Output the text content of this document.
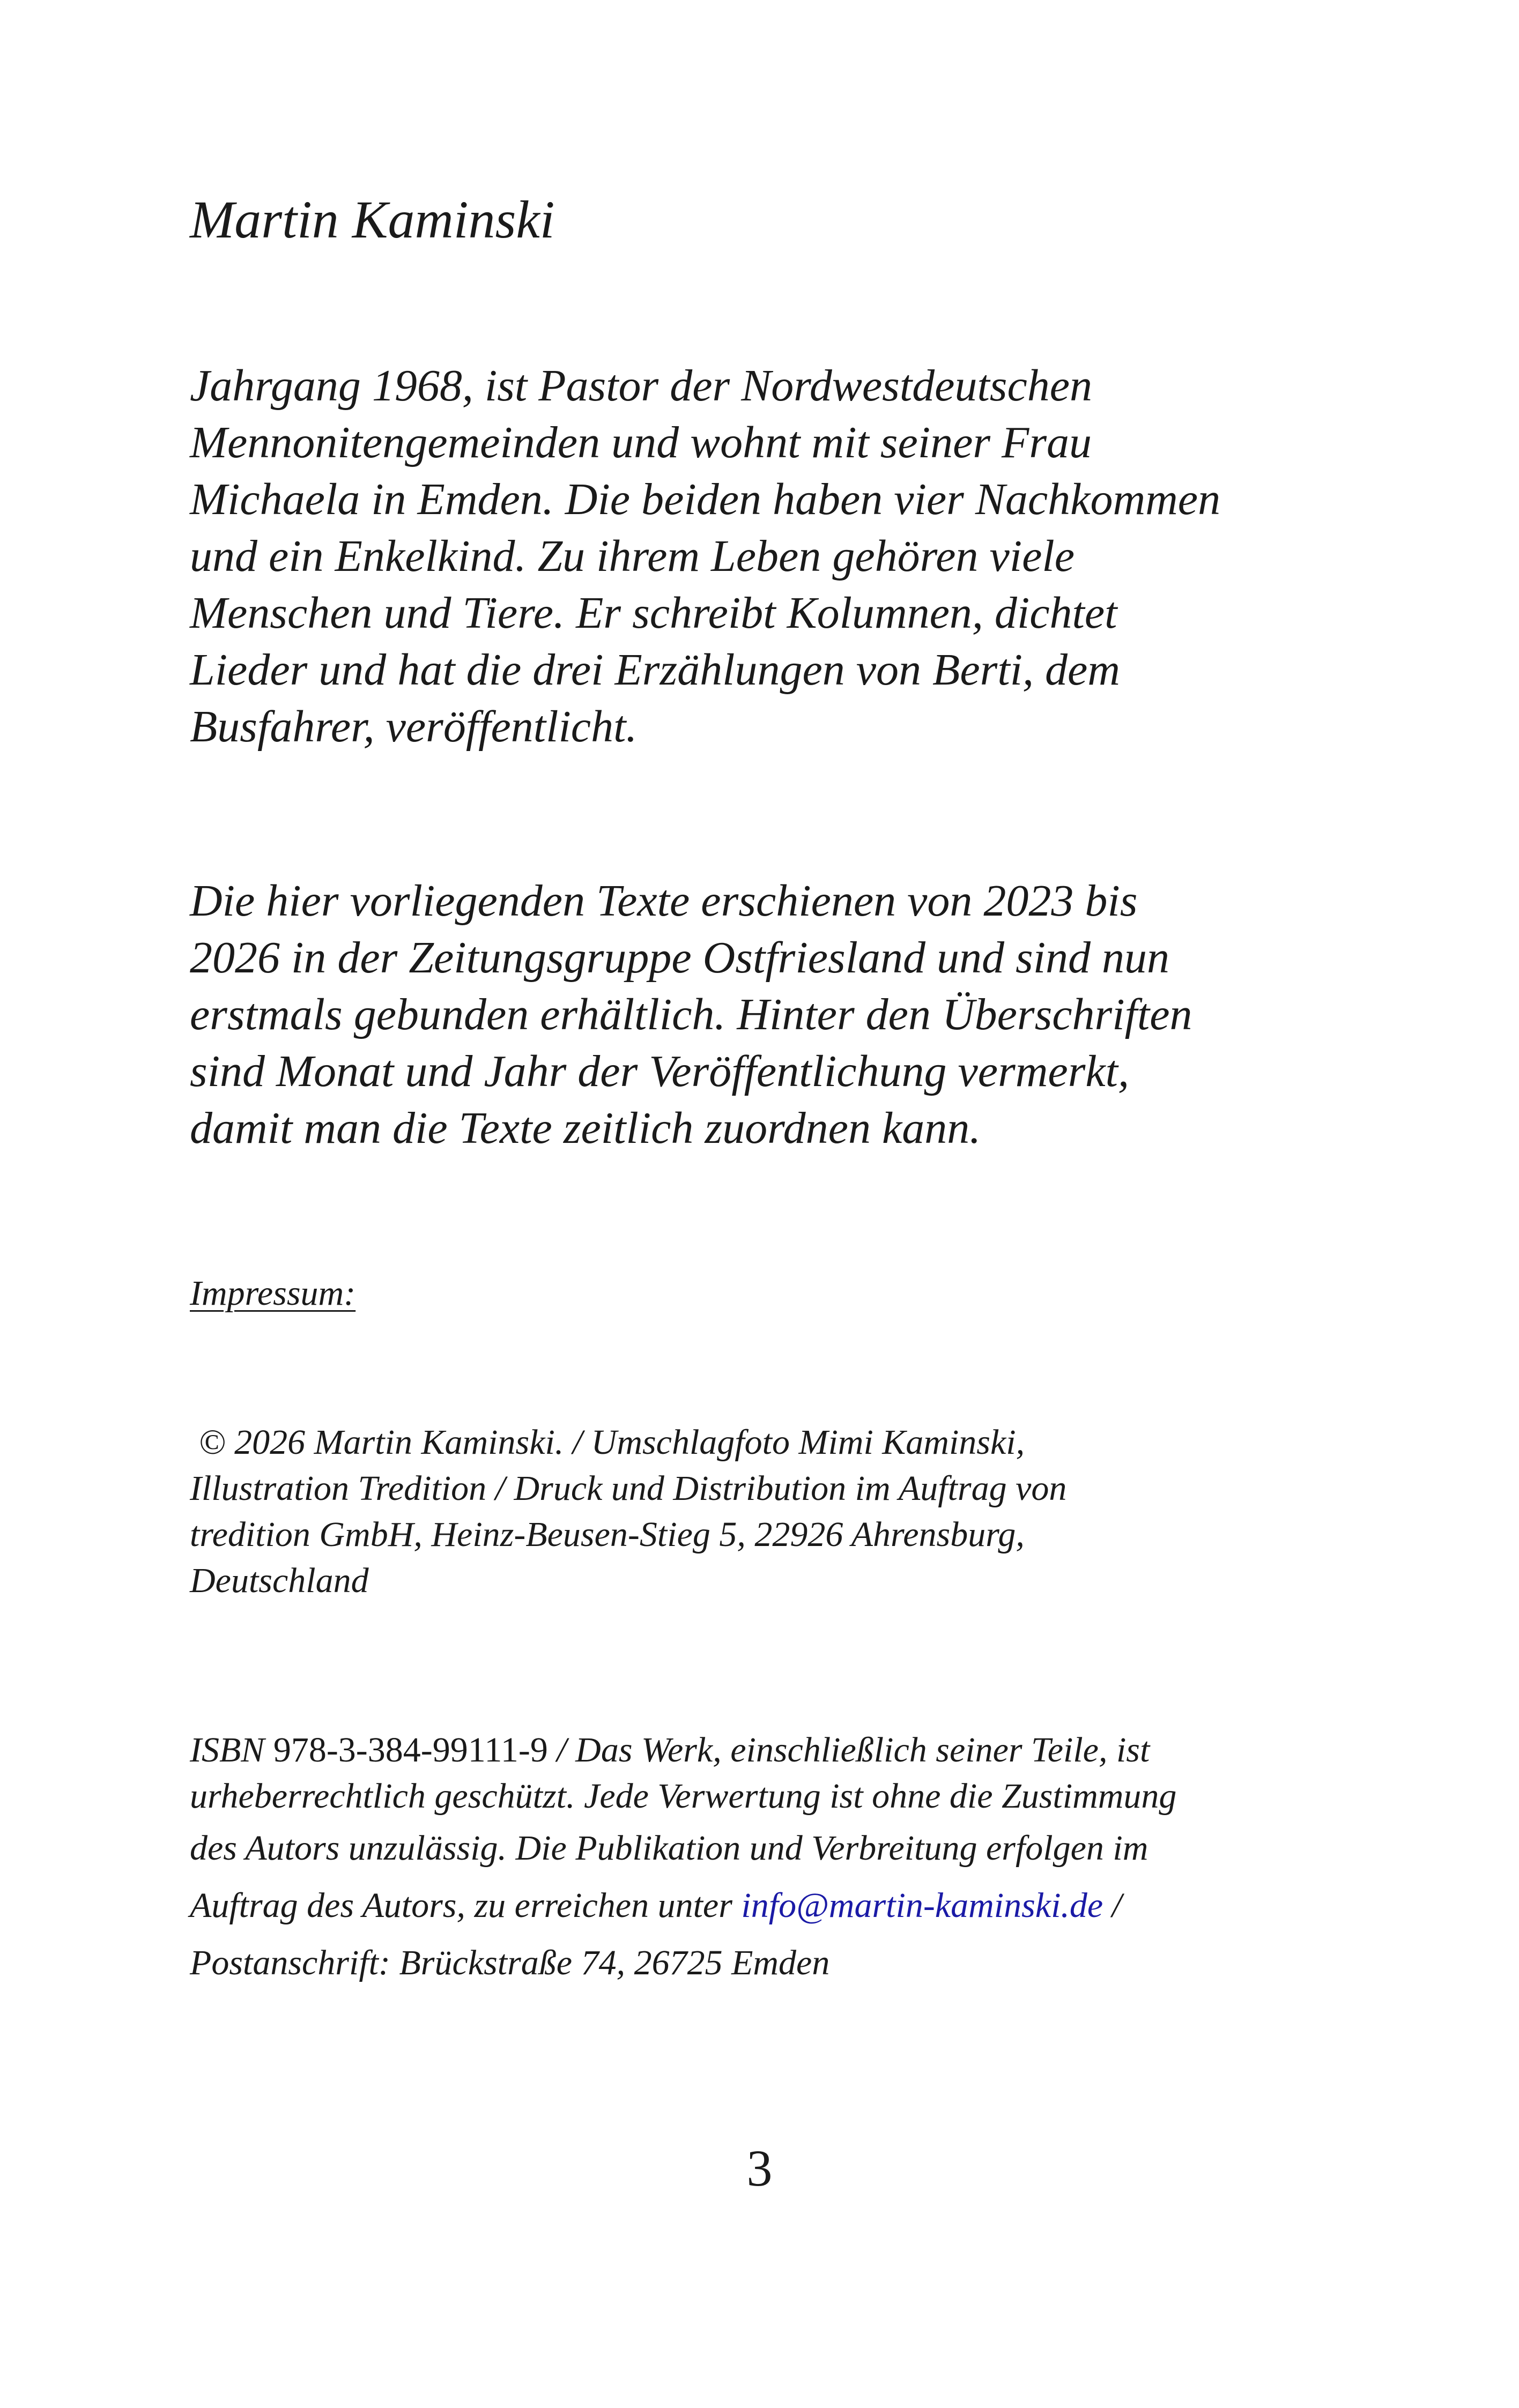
Martin Kaminski
Jahrgang 1968, ist Pastor der Nordwestdeutschen
Mennonitengemeinden und wohnt mit seiner Frau
Michaela in Emden. Die beiden haben vier Nachkommen
und ein Enkelkind. Zu ihrem Leben gehören viele
Menschen und Tiere. Er schreibt Kolumnen, dichtet
Lieder und hat die drei Erzählungen von Berti, dem
Busfahrer, veröffentlicht.
Die hier vorliegenden Texte erschienen von 2023 bis
2026 in der Zeitungsgruppe Ostfriesland und sind nun
erstmals gebunden erhältlich. Hinter den Überschriften
sind Monat und Jahr der Veröffentlichung vermerkt,
damit man die Texte zeitlich zuordnen kann.
Impressum:
© 2026 Martin Kaminski. / Umschlagfoto Mimi Kaminski,
Illustration Tredition / Druck und Distribution im Auftrag von
tredition GmbH, Heinz-Beusen-Stieg 5, 22926 Ahrensburg,
Deutschland
ISBN 978-3-384-99111-9 / Das Werk, einschließlich seiner Teile, ist
urheberrechtlich geschützt. Jede Verwertung ist ohne die Zustimmung
des Autors unzulässig. Die Publikation und Verbreitung erfolgen im
Auftrag des Autors, zu erreichen unter info@martin-kaminski.de /
Postanschrift: Brückstraße 74, 26725 Emden
3
